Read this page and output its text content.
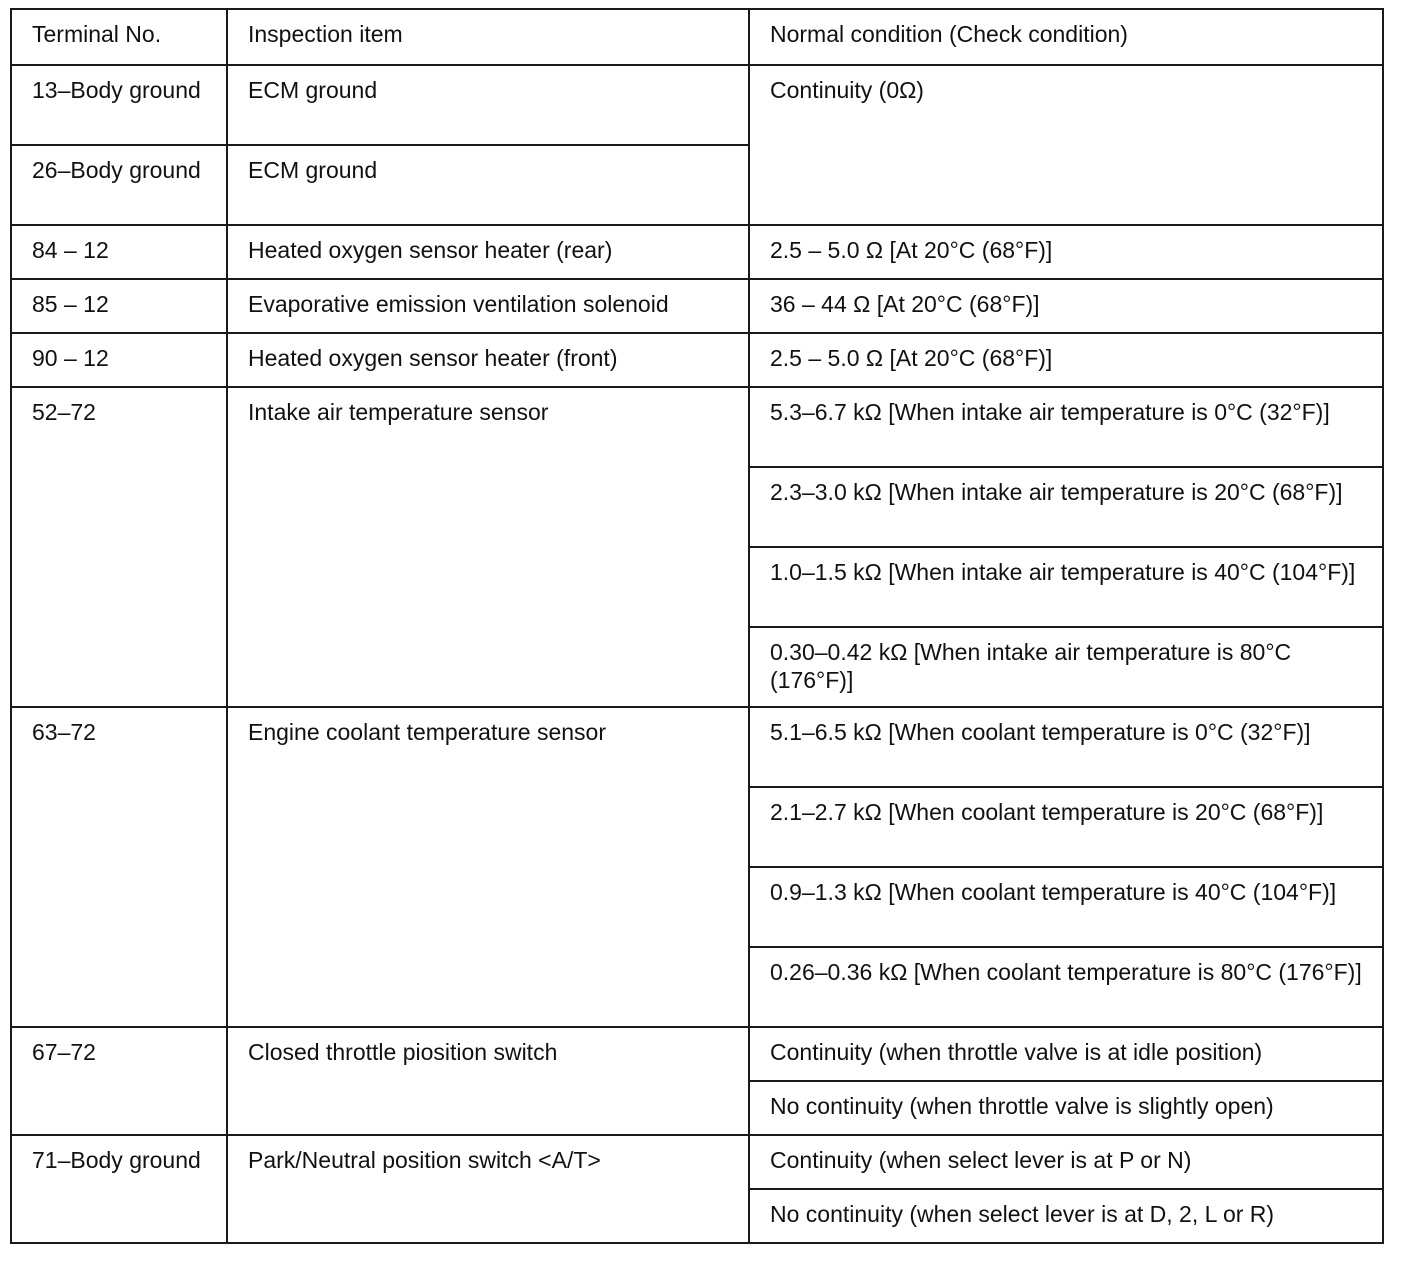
Terminal No.	Inspection item	Normal condition (Check condition)
13–Body ground	ECM ground	Continuity (0Ω)
26–Body ground	ECM ground	
84 – 12	Heated oxygen sensor heater (rear)	2.5 – 5.0 Ω [At 20°C (68°F)]
85 – 12	Evaporative emission ventilation solenoid	36 – 44 Ω [At 20°C (68°F)]
90 – 12	Heated oxygen sensor heater (front)	2.5 – 5.0 Ω [At 20°C (68°F)]
52–72	Intake air temperature sensor	5.3–6.7 kΩ [When intake air temperature is 0°C (32°F)]
		2.3–3.0 kΩ [When intake air temperature is 20°C (68°F)]
		1.0–1.5 kΩ [When intake air temperature is 40°C (104°F)]
		0.30–0.42 kΩ [When intake air temperature is 80°C (176°F)]
63–72	Engine coolant temperature sensor	5.1–6.5 kΩ [When coolant temperature is 0°C (32°F)]
		2.1–2.7 kΩ [When coolant temperature is 20°C (68°F)]
		0.9–1.3 kΩ [When coolant temperature is 40°C (104°F)]
		0.26–0.36 kΩ [When coolant temperature is 80°C (176°F)]
67–72	Closed throttle piosition switch	Continuity (when throttle valve is at idle position)
		No continuity (when throttle valve is slightly open)
71–Body ground	Park/Neutral position switch <A/T>	Continuity (when select lever is at P or N)
		No continuity (when select lever is at D, 2, L or R)
